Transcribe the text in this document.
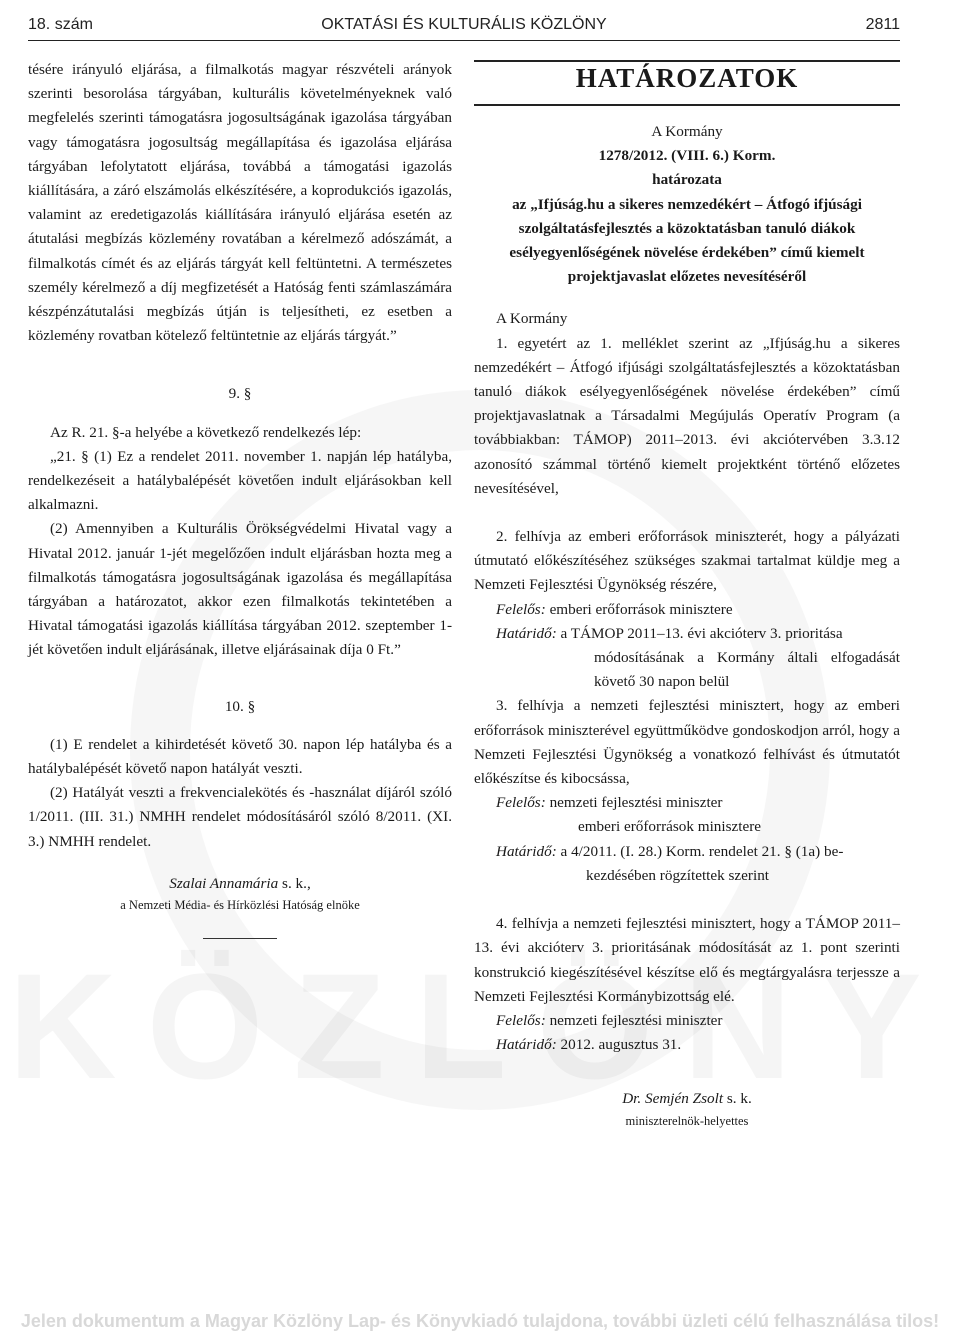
18. szám	OKTATÁSI ÉS KULTURÁLIS KÖZLÖNY	2811

tésére irányuló eljárása, a filmalkotás magyar részvételi arányok szerinti besorolása tárgyában, kulturális követelményeknek való megfelelés szerinti támogatásra jogosultságának igazolása tárgyában vagy támogatásra jogosultság megállapítása és igazolása eljárása tárgyában lefolytatott eljárása, továbbá a támogatási igazolás kiállítására, a záró elszámolás elkészítésére, a koprodukciós igazolás, valamint az eredetigazolás kiállítására irányuló eljárása esetén az átutalási megbízás közlemény rovatában a kérelmező adószámát, a filmalkotás címét és az eljárás tárgyát kell feltüntetni. A természetes személy kérelmező a díj megfizetését a Hatóság fenti számlaszámára készpénzátutalási megbízás útján is teljesítheti, ez esetben a közlemény rovatban kötelező feltüntetnie az eljárás tárgyát.”

9. §

Az R. 21. §-a helyébe a következő rendelkezés lép:

„21. § (1) Ez a rendelet 2011. november 1. napján lép hatályba, rendelkezéseit a hatálybalépését követően indult eljárásokban kell alkalmazni.

(2) Amennyiben a Kulturális Örökségvédelmi Hivatal vagy a Hivatal 2012. január 1-jét megelőzően indult eljárásban hozta meg a filmalkotás támogatásra jogosultságának igazolása és megállapítása tárgyában a határozatot, akkor ezen filmalkotás tekintetében a Hivatal támogatási igazolás kiállítása tárgyában 2012. szeptember 1-jét követően indult eljárásának, illetve eljárásainak díja 0 Ft.”

10. §

(1) E rendelet a kihirdetését követő 30. napon lép hatályba és a hatálybalépését követő napon hatályát veszti.

(2) Hatályát veszti a frekvencialekötés és -használat díjáról szóló 1/2011. (III. 31.) NMHH rendelet módosításáról szóló 8/2011. (XI. 3.) NMHH rendelet.

Szalai Annamária s. k.,

a Nemzeti Média- és Hírközlési Hatóság elnöke

HATÁROZATOK

A Kormány

1278/2012. (VIII. 6.) Korm.

határozata

az „Ifjúság.hu a sikeres nemzedékért – Átfogó ifjúsági szolgáltatásfejlesztés a közoktatásban tanuló diákok esélyegyenlőségének növelése érdekében” című kiemelt projektjavaslat előzetes nevesítéséről

A Kormány

1. egyetért az 1. melléklet szerint az „Ifjúság.hu a sikeres nemzedékért – Átfogó ifjúsági szolgáltatásfejlesztés a közoktatásban tanuló diákok esélyegyenlőségének növelése érdekében” című projektjavaslatnak a Társadalmi Megújulás Operatív Program (a továbbiakban: TÁMOP) 2011–2013. évi akciótervében 3.3.12 azonosító számmal történő kiemelt projektként történő előzetes nevesítésével,

2. felhívja az emberi erőforrások miniszterét, hogy a pályázati útmutató előkészítéséhez szükséges szakmai tartalmat küldje meg a Nemzeti Fejlesztési Ügynökség részére,

Felelős: emberi erőforrások minisztere

Határidő: a TÁMOP 2011–13. évi akcióterv 3. prioritása

módosításának a Kormány általi elfogadását követő 30 napon belül

3. felhívja a nemzeti fejlesztési minisztert, hogy az emberi erőforrások miniszterével együttműködve gondoskodjon arról, hogy a Nemzeti Fejlesztési Ügynökség a vonatkozó felhívást és útmutatót előkészítse és kibocsássa,

Felelős: nemzeti fejlesztési miniszter

emberi erőforrások minisztere

Határidő: a 4/2011. (I. 28.) Korm. rendelet 21. § (1a) be-

kezdésében rögzítettek szerint

4. felhívja a nemzeti fejlesztési minisztert, hogy a TÁMOP 2011–13. évi akcióterv 3. prioritásának módosítását az 1. pont szerinti konstrukció kiegészítésével készítse elő és megtárgyalásra terjessze a Nemzeti Fejlesztési Kormánybizottság elé.

Felelős: nemzeti fejlesztési miniszter

Határidő: 2012. augusztus 31.

Dr. Semjén Zsolt s. k.

miniszterelnök-helyettes

Jelen dokumentum a Magyar Közlöny Lap- és Könyvkiadó tulajdona, további üzleti célú felhasználása tilos!
